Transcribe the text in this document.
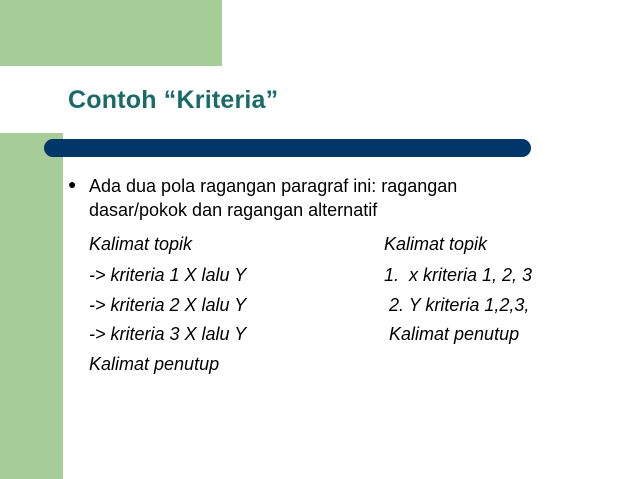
Contoh “Kriteria”
● Ada dua pola ragangan paragraf ini: ragangan
dasar/pokok dan ragangan alternatif
Kalimat topik
-> kriteria 1 X lalu Y
-> kriteria 2 X lalu Y
-> kriteria 3 X lalu Y
Kalimat penutup
Kalimat topik
1.  x kriteria 1, 2, 3
2. Y kriteria 1,2,3,
Kalimat penutup
